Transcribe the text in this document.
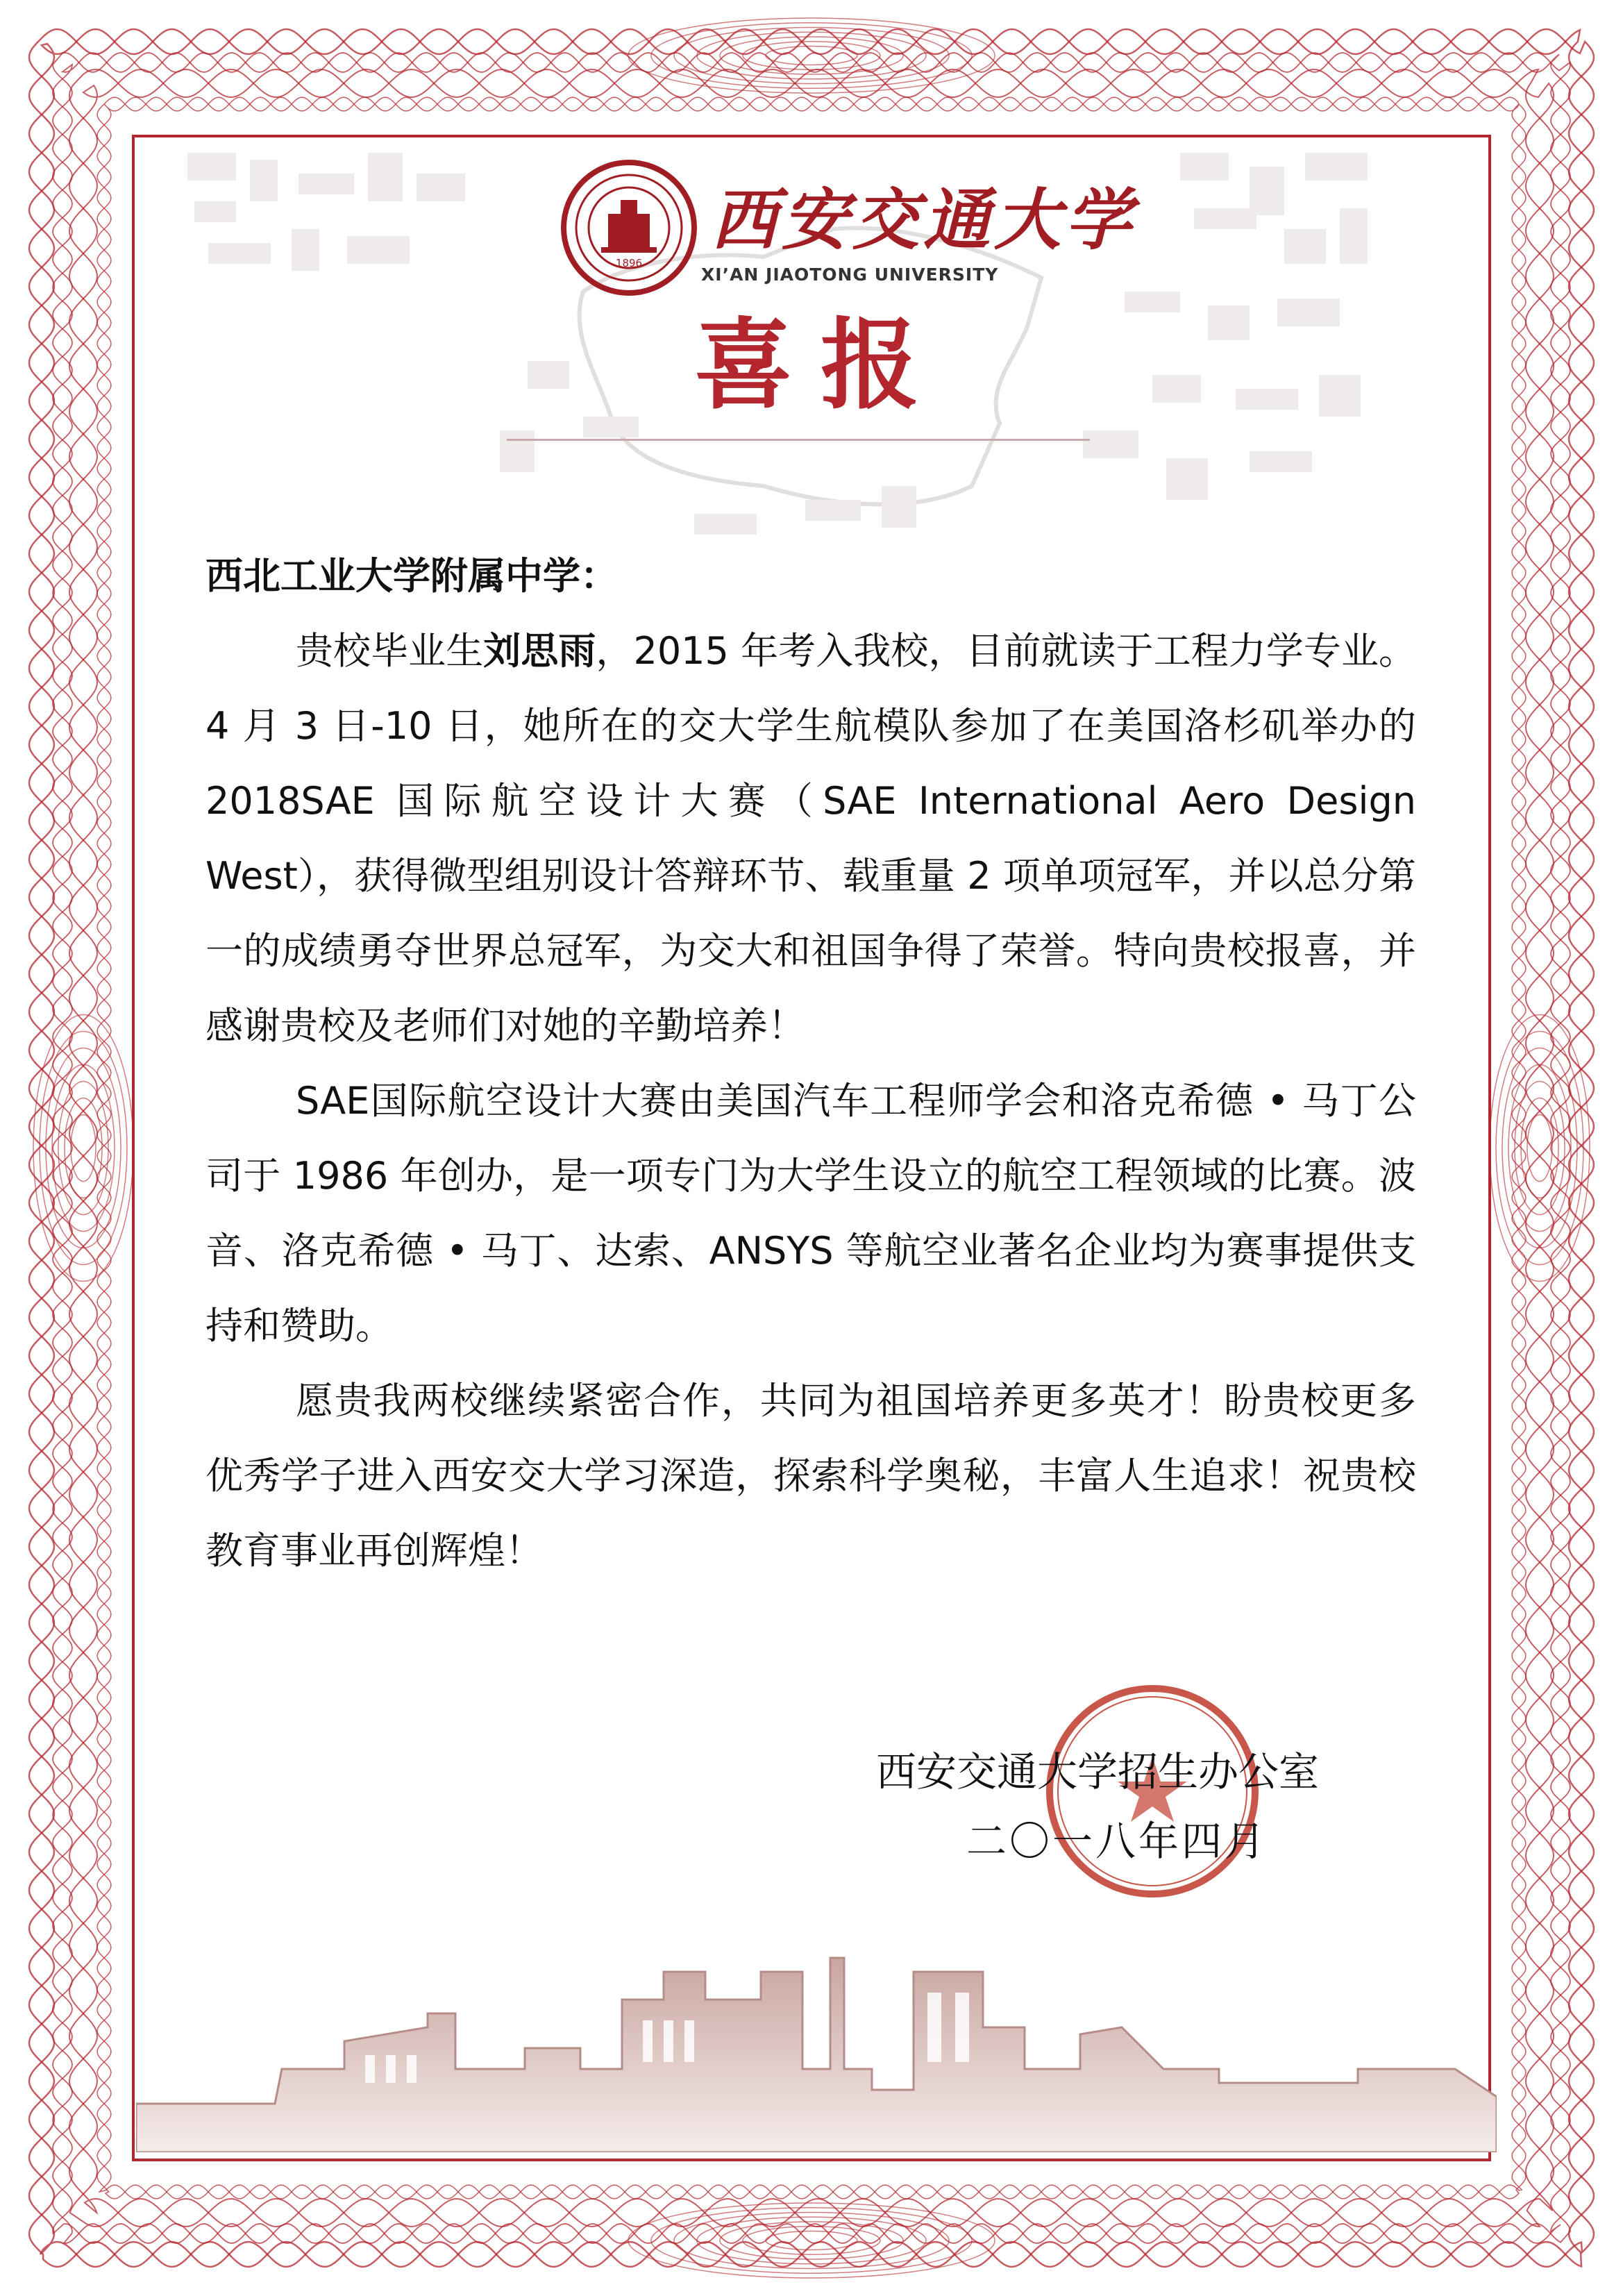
1896
西安交通大学
XI’AN JIAOTONG UNIVERSITY
喜报

西北工业大学附属中学：

贵校毕业生刘思雨，2015 年考入我校，目前就读于工程力学专业。4 月 3 日-10 日，她所在的交大学生航模队参加了在美国洛杉矶举办的 2018SAE 国际航空设计大赛（SAE International Aero Design West），获得微型组别设计答辩环节、载重量 2 项单项冠军，并以总分第一的成绩勇夺世界总冠军，为交大和祖国争得了荣誉。特向贵校报喜，并感谢贵校及老师们对她的辛勤培养！

SAE国际航空设计大赛由美国汽车工程师学会和洛克希德 • 马丁公司于 1986 年创办，是一项专门为大学生设立的航空工程领域的比赛。波音、洛克希德 • 马丁、达索、ANSYS 等航空业著名企业均为赛事提供支持和赞助。

愿贵我两校继续紧密合作，共同为祖国培养更多英才！盼贵校更多优秀学子进入西安交大学习深造，探索科学奥秘，丰富人生追求！祝贵校教育事业再创辉煌！

西安交通大学招生办公室
二〇一八年四月
